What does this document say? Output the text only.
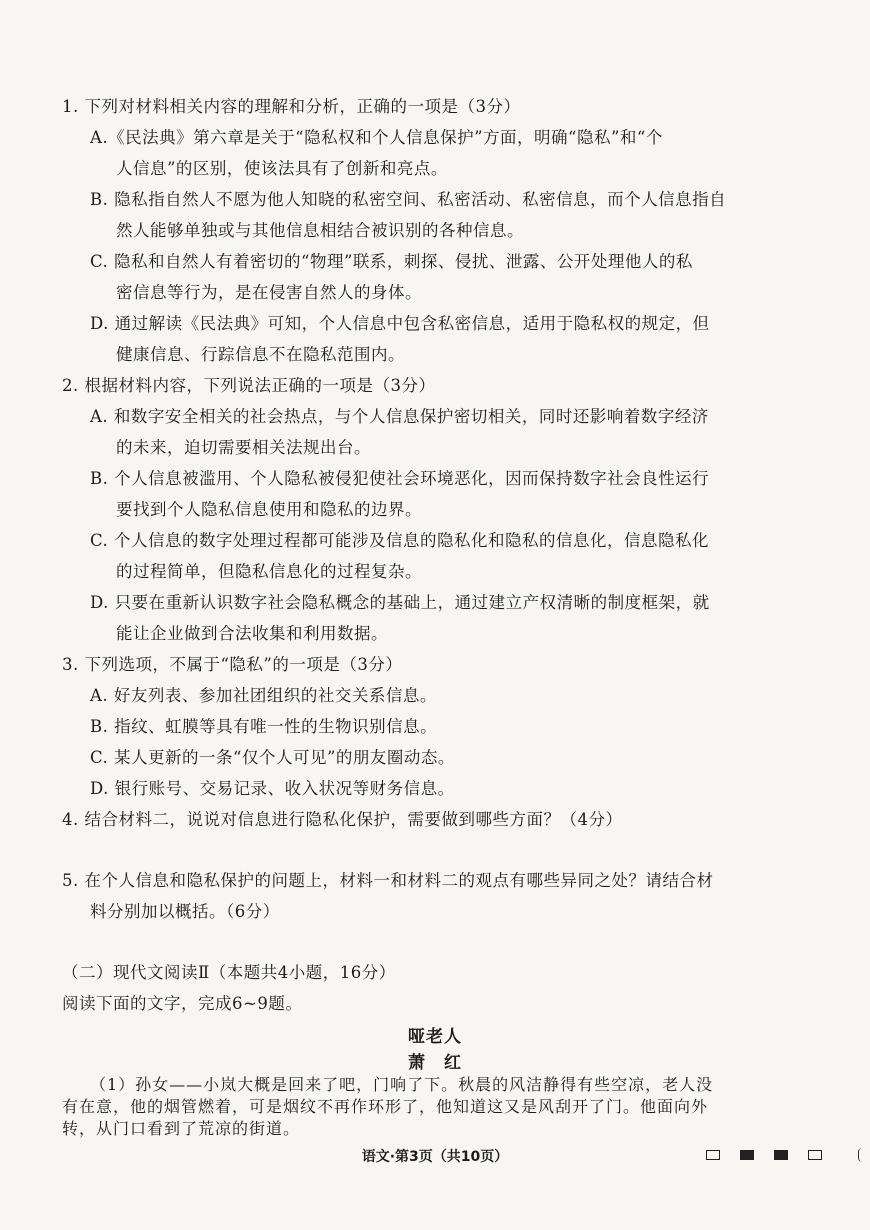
1. 下列对材料相关内容的理解和分析，正确的一项是（3分）
A.《民法典》第六章是关于“隐私权和个人信息保护”方面，明确“隐私”和“个
人信息”的区别，使该法具有了创新和亮点。
B. 隐私指自然人不愿为他人知晓的私密空间、私密活动、私密信息，而个人信息指自
然人能够单独或与其他信息相结合被识别的各种信息。
C. 隐私和自然人有着密切的“物理”联系，刺探、侵扰、泄露、公开处理他人的私
密信息等行为，是在侵害自然人的身体。
D. 通过解读《民法典》可知，个人信息中包含私密信息，适用于隐私权的规定，但
健康信息、行踪信息不在隐私范围内。
2. 根据材料内容，下列说法正确的一项是（3分）
A. 和数字安全相关的社会热点，与个人信息保护密切相关，同时还影响着数字经济
的未来，迫切需要相关法规出台。
B. 个人信息被滥用、个人隐私被侵犯使社会环境恶化，因而保持数字社会良性运行
要找到个人隐私信息使用和隐私的边界。
C. 个人信息的数字处理过程都可能涉及信息的隐私化和隐私的信息化，信息隐私化
的过程简单，但隐私信息化的过程复杂。
D. 只要在重新认识数字社会隐私概念的基础上，通过建立产权清晰的制度框架，就
能让企业做到合法收集和利用数据。
3. 下列选项，不属于“隐私”的一项是（3分）
A. 好友列表、参加社团组织的社交关系信息。
B. 指纹、虹膜等具有唯一性的生物识别信息。
C. 某人更新的一条“仅个人可见”的朋友圈动态。
D. 银行账号、交易记录、收入状况等财务信息。
4. 结合材料二，说说对信息进行隐私化保护，需要做到哪些方面？（4分）
5. 在个人信息和隐私保护的问题上，材料一和材料二的观点有哪些异同之处？请结合材
料分别加以概括。（6分）
（二）现代文阅读Ⅱ（本题共4小题，16分）
阅读下面的文字，完成6~9题。
哑老人
萧　红
（1）孙女——小岚大概是回来了吧，门响了下。秋晨的风洁静得有些空凉，老人没
有在意，他的烟管燃着，可是烟纹不再作环形了，他知道这又是风刮开了门。他面向外
语文·第3页（共10页）
转，从门口看到了荒凉的街道。
